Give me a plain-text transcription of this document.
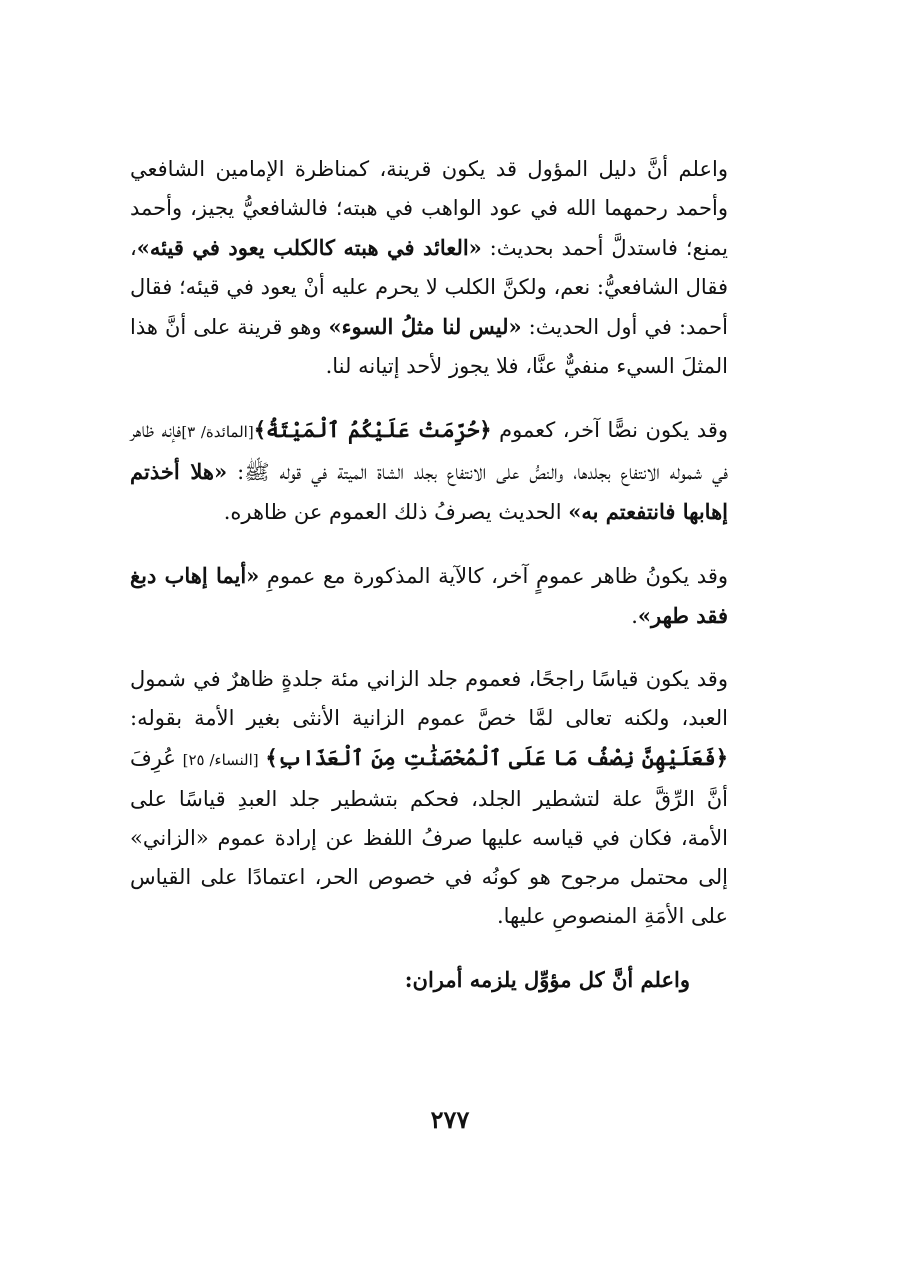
واعلم أنَّ دليل المؤول قد يكون قرينة، كمناظرة الإمامين الشافعي وأحمد رحمهما الله في عود الواهب في هبته؛ فالشافعيُّ يجيز، وأحمد يمنع؛ فاستدلَّ أحمد بحديث: «العائد في هبته كالكلب يعود في قيئه»، فقال الشافعيُّ: نعم، ولكنَّ الكلب لا يحرم عليه أنْ يعود في قيئه؛ فقال أحمد: في أول الحديث: «ليس لنا مثلُ السوء» وهو قرينة على أنَّ هذا المثلَ السيء منفيٌّ عنَّا، فلا يجوز لأحد إتيانه لنا.

وقد يكون نصًّا آخر، كعموم ﴿حُرِّمَتْ عَلَيْكُمُ ٱلْمَيْتَةُ﴾[المائدة/ ٣]فإنه ظاهر في شموله الانتفاع بجلدها، والنصُّ على الانتفاع بجلد الشاة الميتة في قوله ﷺ: «هلا أخذتم إهابها فانتفعتم به» الحديث يصرفُ ذلك العموم عن ظاهره.

وقد يكونُ ظاهر عمومٍ آخر، كالآية المذكورة مع عمومِ «أيما إهاب دبغ فقد طهر».

وقد يكون قياسًا راجحًا، فعموم جلد الزاني مئة جلدةٍ ظاهرٌ في شمول العبد، ولكنه تعالى لمَّا خصَّ عموم الزانية الأنثى بغير الأمة بقوله: ﴿فَعَلَيْهِنَّ نِصْفُ مَا عَلَى ٱلْمُحْصَنَٰتِ مِنَ ٱلْعَذَابِ﴾ [النساء/ ٢٥] عُرِفَ أنَّ الرِّقَّ علة لتشطير الجلد، فحكم بتشطير جلد العبدِ قياسًا على الأمة، فكان في قياسه عليها صرفُ اللفظ عن إرادة عموم «الزاني» إلى محتمل مرجوح هو كونُه في خصوص الحر، اعتمادًا على القياس على الأمَةِ المنصوصِ عليها.

واعلم أنَّ كل مؤوِّل يلزمه أمران:

٢٧٧
